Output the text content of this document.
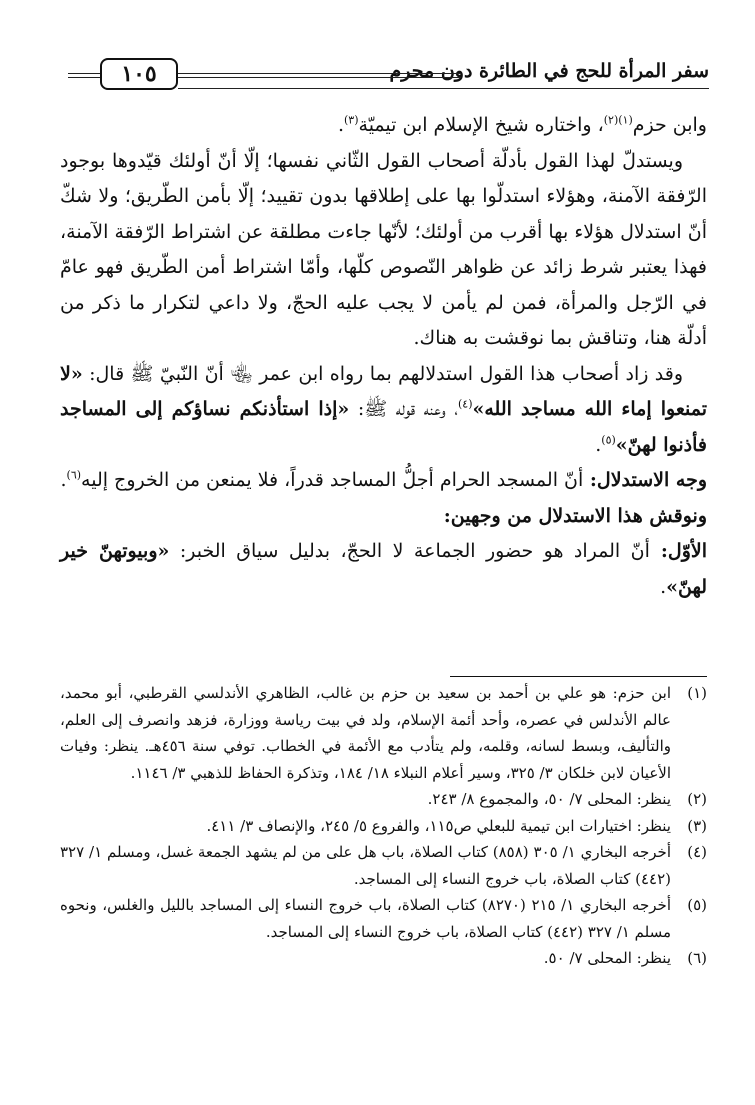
سفر المرأة للحج في الطائرة دون محرم
١٠٥

وابن حزم$^{(١)(٢)}$، واختاره شيخ الإسلام ابن تيميّة$^{(٣)}$.

ويستدلّ لهذا القول بأدلّة أصحاب القول الثّاني نفسها؛ إلّا أنّ أولئك قيّدوها بوجود الرّفقة الآمنة، وهؤلاء استدلّوا بها على إطلاقها بدون تقييد؛ إلّا بأمن الطّريق؛ ولا شكّ أنّ استدلال هؤلاء بها أقرب من أولئك؛ لأنّها جاءت مطلقة عن اشتراط الرّفقة الآمنة، فهذا يعتبر شرط زائد عن ظواهر النّصوص كلّها، وأمّا اشتراط أمن الطّريق فهو عامّ في الرّجل والمرأة، فمن لم يأمن لا يجب عليه الحجّ، ولا داعي لتكرار ما ذكر من أدلّة هنا، وتناقش بما نوقشت به هناك.

وقد زاد أصحاب هذا القول استدلالهم بما رواه ابن عمر ﵄ أنّ النّبيّ ﷺ قال: «لا تمنعوا إماء الله مساجد الله»$^{(٤)}$، وعنه قوله ﷺ: «إذا استأذنكم نساؤكم إلى المساجد فأذنوا لهنّ»$^{(٥)}$.

وجه الاستدلال: أنّ المسجد الحرام أجلُّ المساجد قدراً، فلا يمنعن من الخروج إليه$^{(٦)}$.

ونوقش هذا الاستدلال من وجهين:

الأوّل: أنّ المراد هو حضور الجماعة لا الحجّ، بدليل سياق الخبر: «وبيوتهنّ خير لهنّ».

(١)
ابن حزم: هو علي بن أحمد بن سعيد بن حزم بن غالب، الظاهري الأندلسي القرطبي، أبو محمد، عالم الأندلس في عصره، وأحد أئمة الإسلام، ولد في بيت رياسة ووزارة، فزهد وانصرف إلى العلم، والتأليف، وبسط لسانه، وقلمه، ولم يتأدب مع الأئمة في الخطاب. توفي سنة ٤٥٦هـ. ينظر: وفيات الأعيان لابن خلكان ٣/ ٣٢٥، وسير أعلام النبلاء ١٨/ ١٨٤، وتذكرة الحفاظ للذهبي ٣/ ١١٤٦.
(٢)
ينظر: المحلى ٧/ ٥٠، والمجموع ٨/ ٢٤٣.
(٣)
ينظر: اختيارات ابن تيمية للبعلي ص١١٥، والفروع ٥/ ٢٤٥، والإنصاف ٣/ ٤١١.
(٤)
أخرجه البخاري ١/ ٣٠٥ (٨٥٨) كتاب الصلاة، باب هل على من لم يشهد الجمعة غسل، ومسلم ١/ ٣٢٧ (٤٤٢) كتاب الصلاة، باب خروج النساء إلى المساجد.
(٥)
أخرجه البخاري ١/ ٢١٥ (٨٢٧٠) كتاب الصلاة، باب خروج النساء إلى المساجد بالليل والغلس، ونحوه مسلم ١/ ٣٢٧ (٤٤٢) كتاب الصلاة، باب خروج النساء إلى المساجد.
(٦)
ينظر: المحلى ٧/ ٥٠.
